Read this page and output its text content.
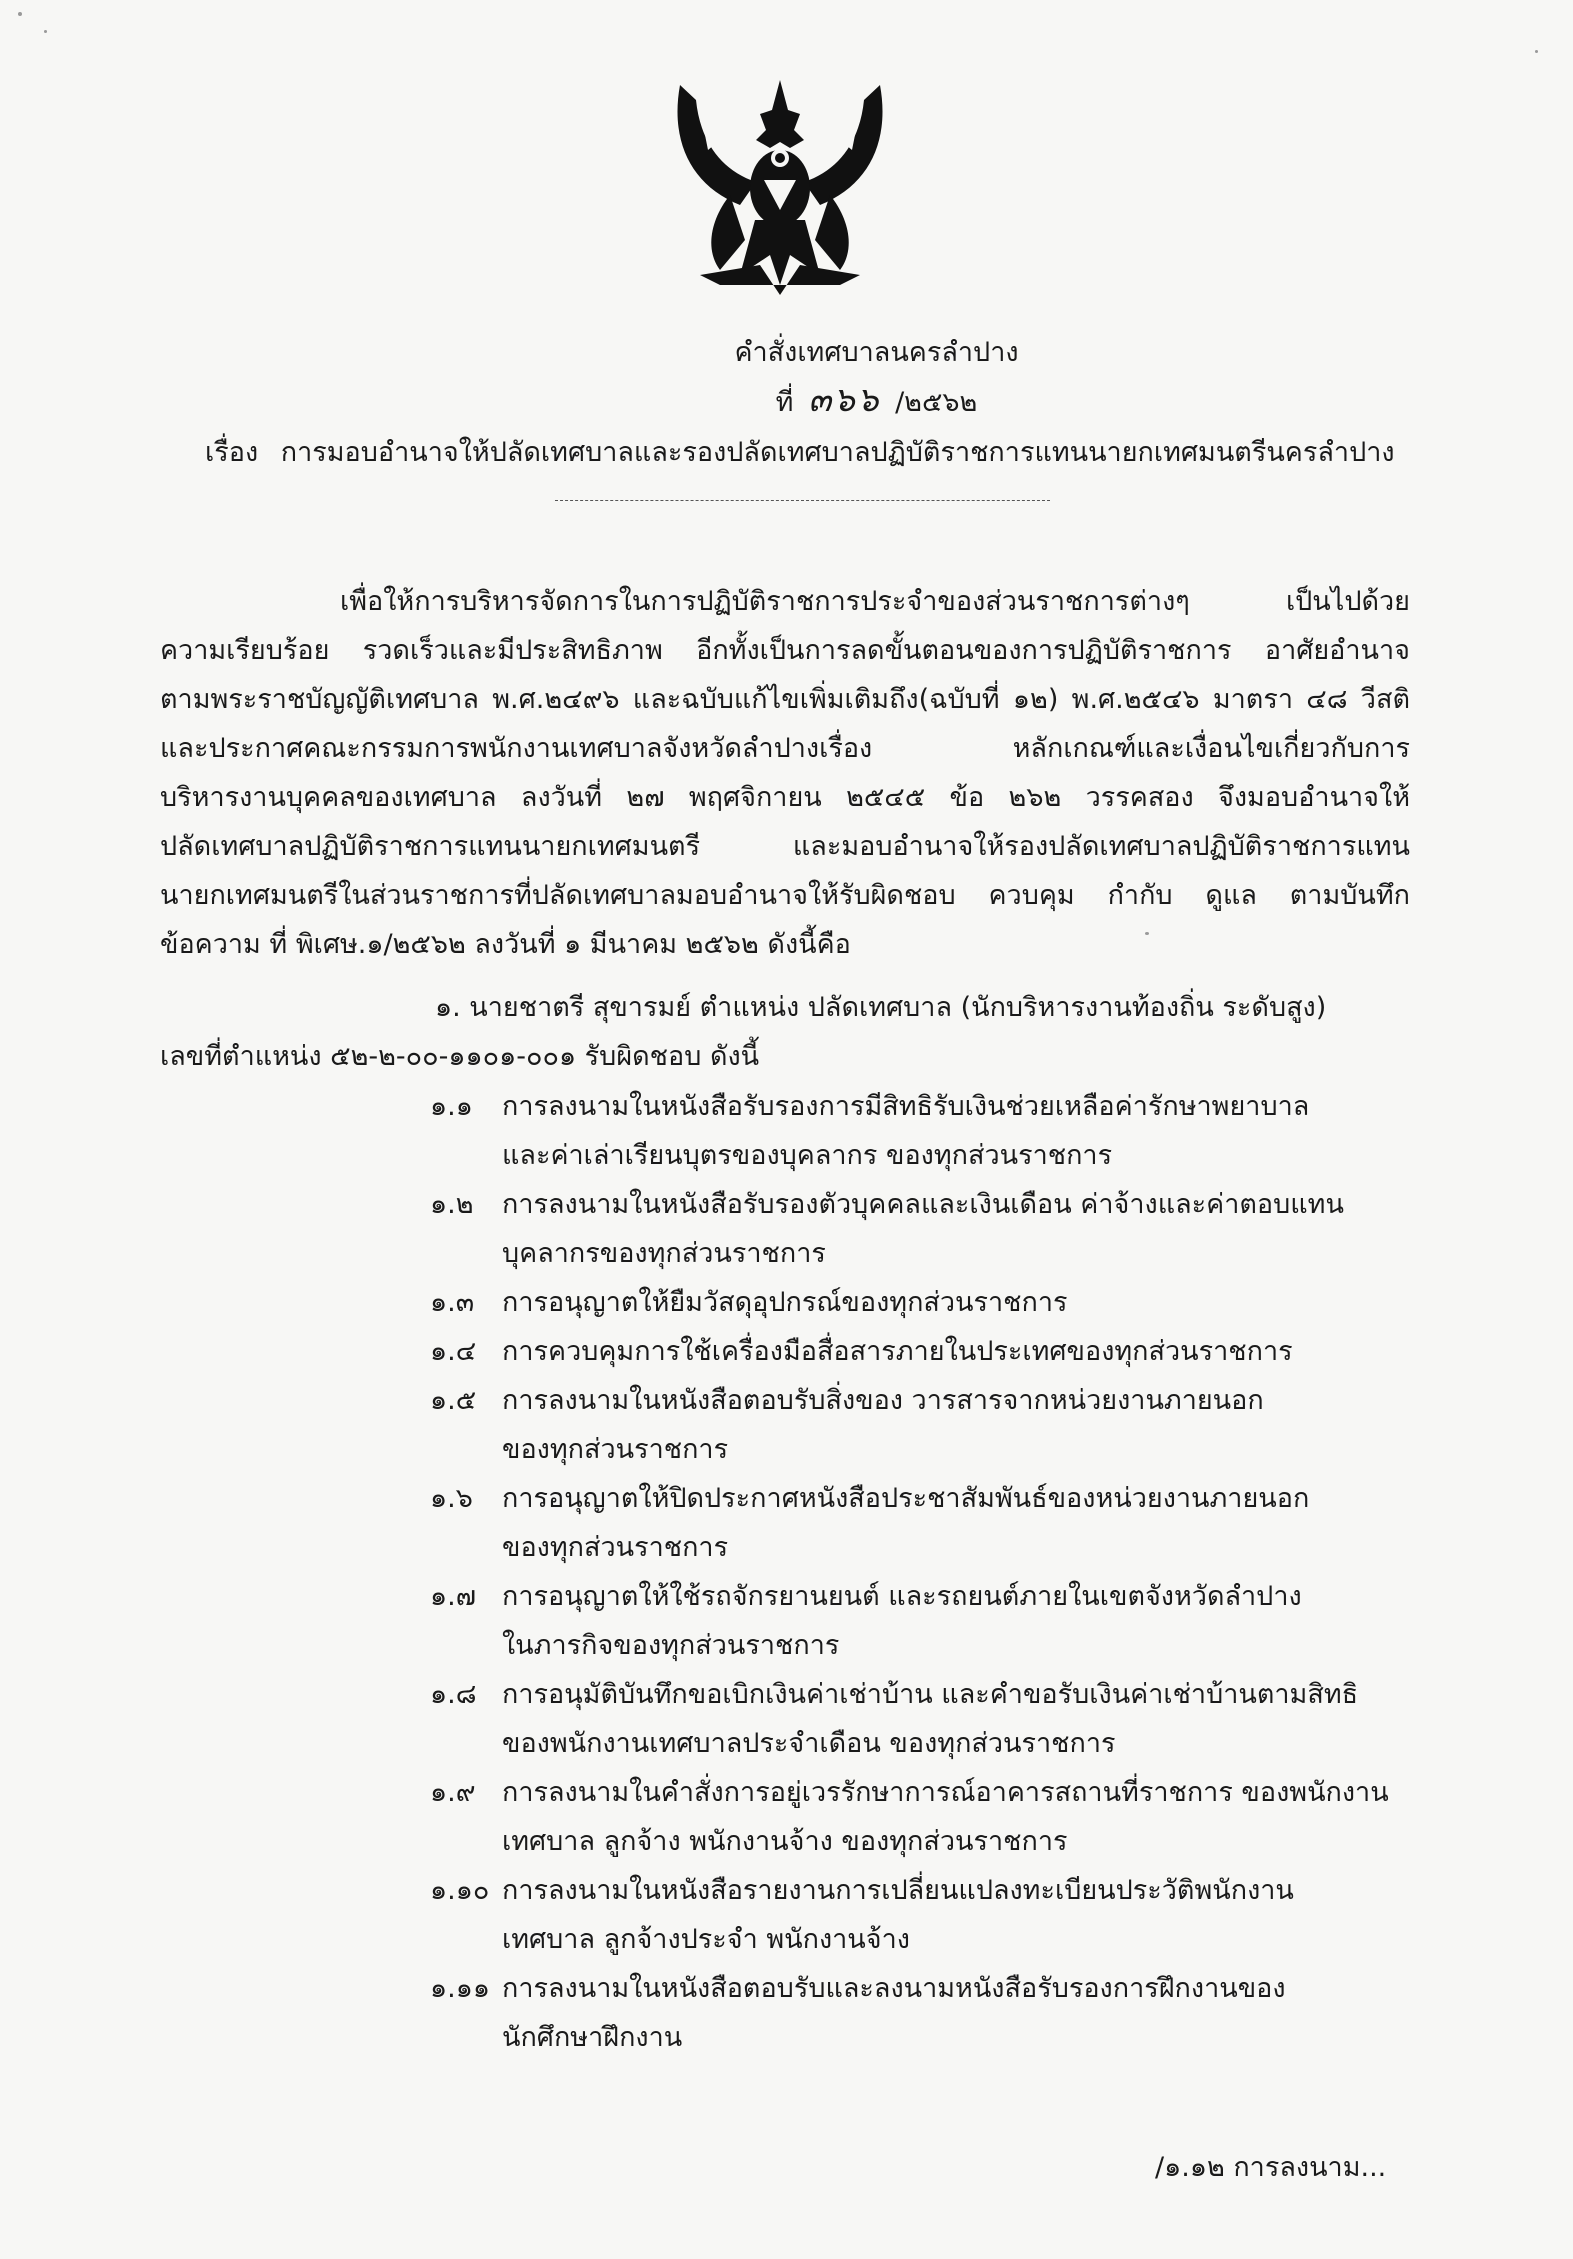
คำสั่งเทศบาลนครลำปาง
ที่ ๓๖๖ /๒๕๖๒
เรื่อง การมอบอำนาจให้ปลัดเทศบาลและรองปลัดเทศบาลปฏิบัติราชการแทนนายกเทศมนตรีนครลำปาง
เพื่อให้การบริหารจัดการในการปฏิบัติราชการประจำของส่วนราชการต่างๆ เป็นไปด้วย
ความเรียบร้อย รวดเร็วและมีประสิทธิภาพ อีกทั้งเป็นการลดขั้นตอนของการปฏิบัติราชการ อาศัยอำนาจ
ตามพระราชบัญญัติเทศบาล พ.ศ.๒๔๙๖ และฉบับแก้ไขเพิ่มเติมถึง(ฉบับที่ ๑๒) พ.ศ.๒๕๔๖ มาตรา ๔๘ วีสติ
และประกาศคณะกรรมการพนักงานเทศบาลจังหวัดลำปางเรื่อง หลักเกณฑ์และเงื่อนไขเกี่ยวกับการ
บริหารงานบุคคลของเทศบาล ลงวันที่ ๒๗ พฤศจิกายน ๒๕๔๕ ข้อ ๒๖๒ วรรคสอง จึงมอบอำนาจให้
ปลัดเทศบาลปฏิบัติราชการแทนนายกเทศมนตรี และมอบอำนาจให้รองปลัดเทศบาลปฏิบัติราชการแทน
นายกเทศมนตรีในส่วนราชการที่ปลัดเทศบาลมอบอำนาจให้รับผิดชอบ ควบคุม กำกับ ดูแล ตามบันทึก
ข้อความ ที่ พิเศษ.๑/๒๕๖๒ ลงวันที่ ๑ มีนาคม ๒๕๖๒ ดังนี้คือ
๑. นายชาตรี สุขารมย์ ตำแหน่ง ปลัดเทศบาล (นักบริหารงานท้องถิ่น ระดับสูง)
เลขที่ตำแหน่ง ๕๒-๒-๐๐-๑๑๐๑-๐๐๑ รับผิดชอบ ดังนี้
๑.๑	การลงนามในหนังสือรับรองการมีสิทธิรับเงินช่วยเหลือค่ารักษาพยาบาล
และค่าเล่าเรียนบุตรของบุคลากร ของทุกส่วนราชการ
๑.๒	การลงนามในหนังสือรับรองตัวบุคคลและเงินเดือน ค่าจ้างและค่าตอบแทน
บุคลากรของทุกส่วนราชการ
๑.๓	การอนุญาตให้ยืมวัสดุอุปกรณ์ของทุกส่วนราชการ
๑.๔ การควบคุมการใช้เครื่องมือสื่อสารภายในประเทศของทุกส่วนราชการ
๑.๕ การลงนามในหนังสือตอบรับสิ่งของ วารสารจากหน่วยงานภายนอก
ของทุกส่วนราชการ
๑.๖	การอนุญาตให้ปิดประกาศหนังสือประชาสัมพันธ์ของหน่วยงานภายนอก
ของทุกส่วนราชการ
๑.๗ การอนุญาตให้ใช้รถจักรยานยนต์ และรถยนต์ภายในเขตจังหวัดลำปาง
ในภารกิจของทุกส่วนราชการ
๑.๘ การอนุมัติบันทึกขอเบิกเงินค่าเช่าบ้าน และคำขอรับเงินค่าเช่าบ้านตามสิทธิ
ของพนักงานเทศบาลประจำเดือน ของทุกส่วนราชการ
๑.๙ การลงนามในคำสั่งการอยู่เวรรักษาการณ์อาคารสถานที่ราชการ ของพนักงาน
เทศบาล ลูกจ้าง พนักงานจ้าง ของทุกส่วนราชการ
๑.๑๐ การลงนามในหนังสือรายงานการเปลี่ยนแปลงทะเบียนประวัติพนักงาน
เทศบาล ลูกจ้างประจำ พนักงานจ้าง
๑.๑๑ การลงนามในหนังสือตอบรับและลงนามหนังสือรับรองการฝึกงานของ
นักศึกษาฝึกงาน
/๑.๑๒ การลงนาม...
